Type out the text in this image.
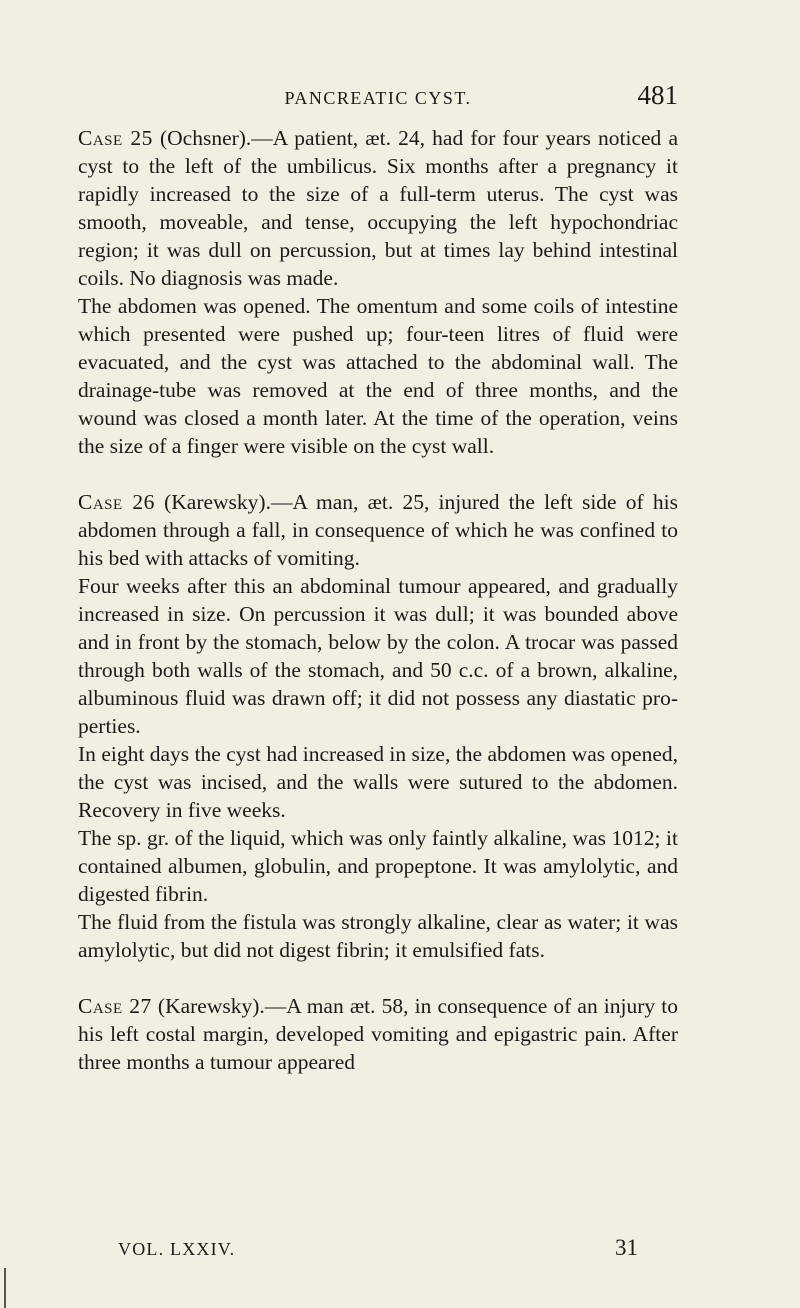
PANCREATIC CYST.	481

Case 25 (Ochsner).—A patient, æt. 24, had for four years noticed a cyst to the left of the umbilicus. Six months after a pregnancy it rapidly increased to the size of a full-term uterus. The cyst was smooth, moveable, and tense, occupying the left hypochondriac region; it was dull on percussion, but at times lay behind intestinal coils. No diagnosis was made.

The abdomen was opened. The omentum and some coils of intestine which presented were pushed up; four-teen litres of fluid were evacuated, and the cyst was attached to the abdominal wall. The drainage-tube was removed at the end of three months, and the wound was closed a month later. At the time of the operation, veins the size of a finger were visible on the cyst wall.

Case 26 (Karewsky).—A man, æt. 25, injured the left side of his abdomen through a fall, in consequence of which he was confined to his bed with attacks of vomiting.

Four weeks after this an abdominal tumour appeared, and gradually increased in size. On percussion it was dull; it was bounded above and in front by the stomach, below by the colon. A trocar was passed through both walls of the stomach, and 50 c.c. of a brown, alkaline, albuminous fluid was drawn off; it did not possess any diastatic pro-perties.

In eight days the cyst had increased in size, the abdomen was opened, the cyst was incised, and the walls were sutured to the abdomen. Recovery in five weeks.

The sp. gr. of the liquid, which was only faintly alkaline, was 1012; it contained albumen, globulin, and propeptone. It was amylolytic, and digested fibrin.

The fluid from the fistula was strongly alkaline, clear as water; it was amylolytic, but did not digest fibrin; it emulsified fats.

Case 27 (Karewsky).—A man æt. 58, in consequence of an injury to his left costal margin, developed vomiting and epigastric pain. After three months a tumour appeared

VOL. LXXIV.	31
